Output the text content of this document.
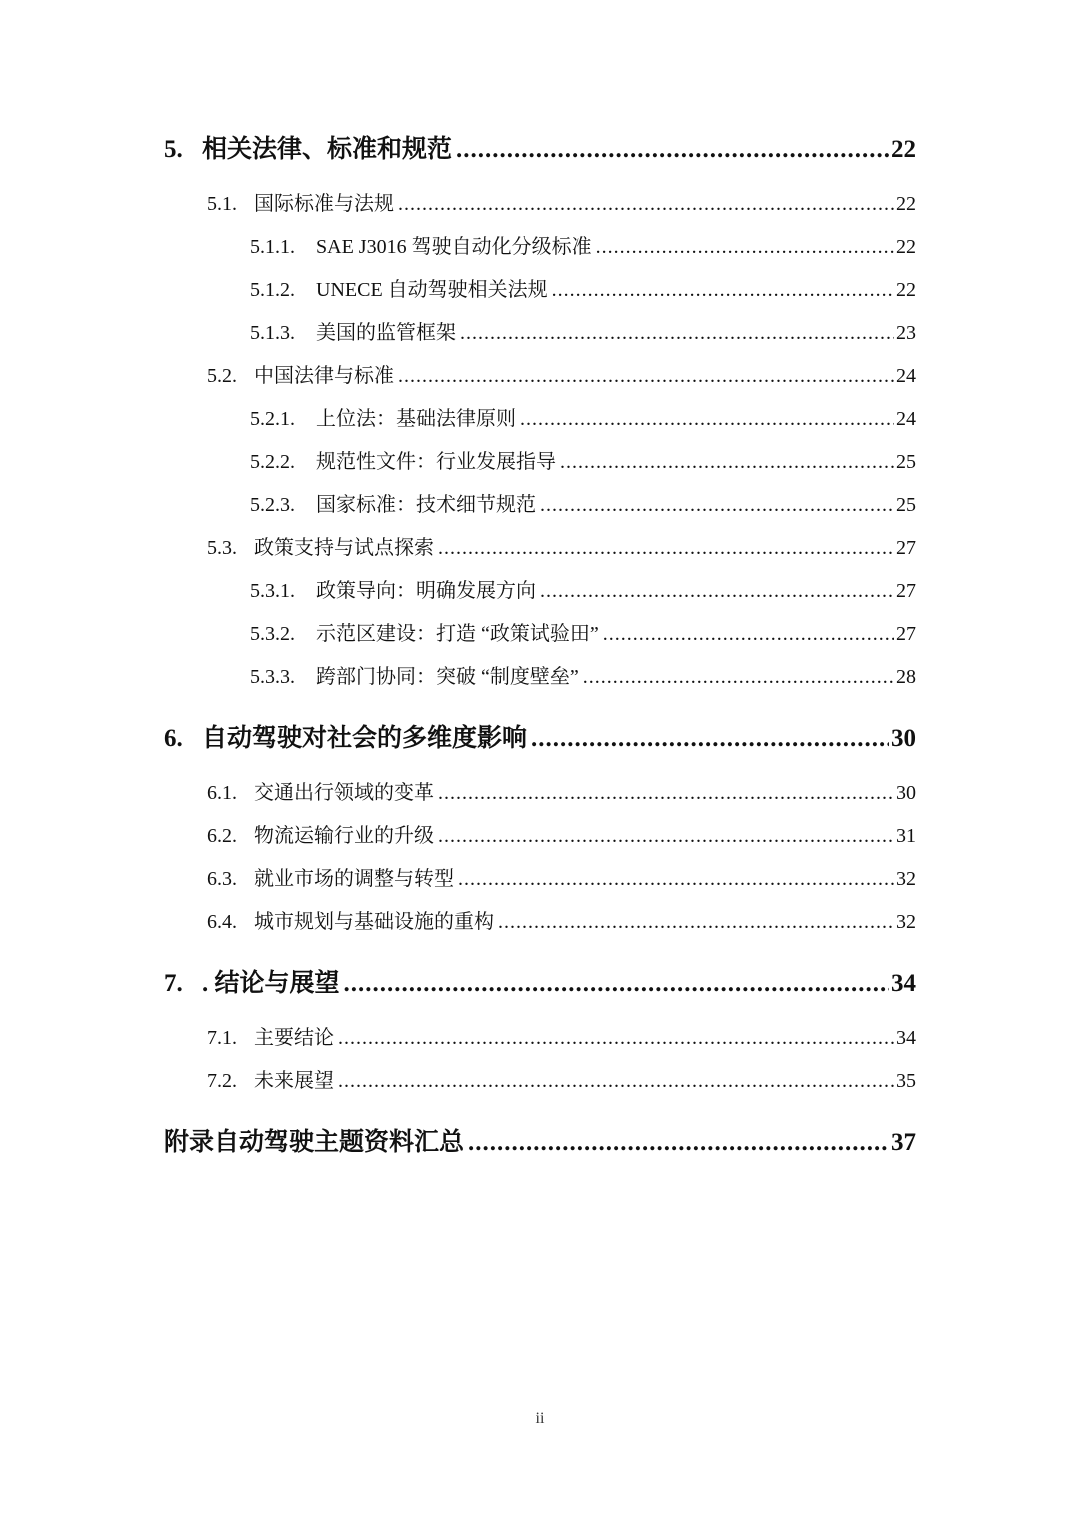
5. 相关法律、标准和规范 .....	22
5.1. 国际标准与法规 .....	22
5.1.1.	SAE J3016 驾驶自动化分级标准 .....	22
5.1.2.	UNECE 自动驾驶相关法规 .....	22
5.1.3.	美国的监管框架 .....	23
5.2. 中国法律与标准 .....	24
5.2.1.	上位法：基础法律原则 .....	24
5.2.2.	规范性文件：行业发展指导 .....	25
5.2.3.	国家标准：技术细节规范 .....	25
5.3. 政策支持与试点探索 .....	27
5.3.1.	政策导向：明确发展方向 .....	27
5.3.2.	示范区建设：打造 “政策试验田” .....	27
5.3.3.	跨部门协同：突破 “制度壁垒” .....	28
6. 自动驾驶对社会的多维度影响 .....	30
6.1. 交通出行领域的变革 .....	30
6.2. 物流运输行业的升级 .....	31
6.3. 就业市场的调整与转型 .....	32
6.4. 城市规划与基础设施的重构 .....	32
7. . 结论与展望 .....	34
7.1. 主要结论 .....	34
7.2. 未来展望 .....	35
附录自动驾驶主题资料汇总 .....	37
ii
